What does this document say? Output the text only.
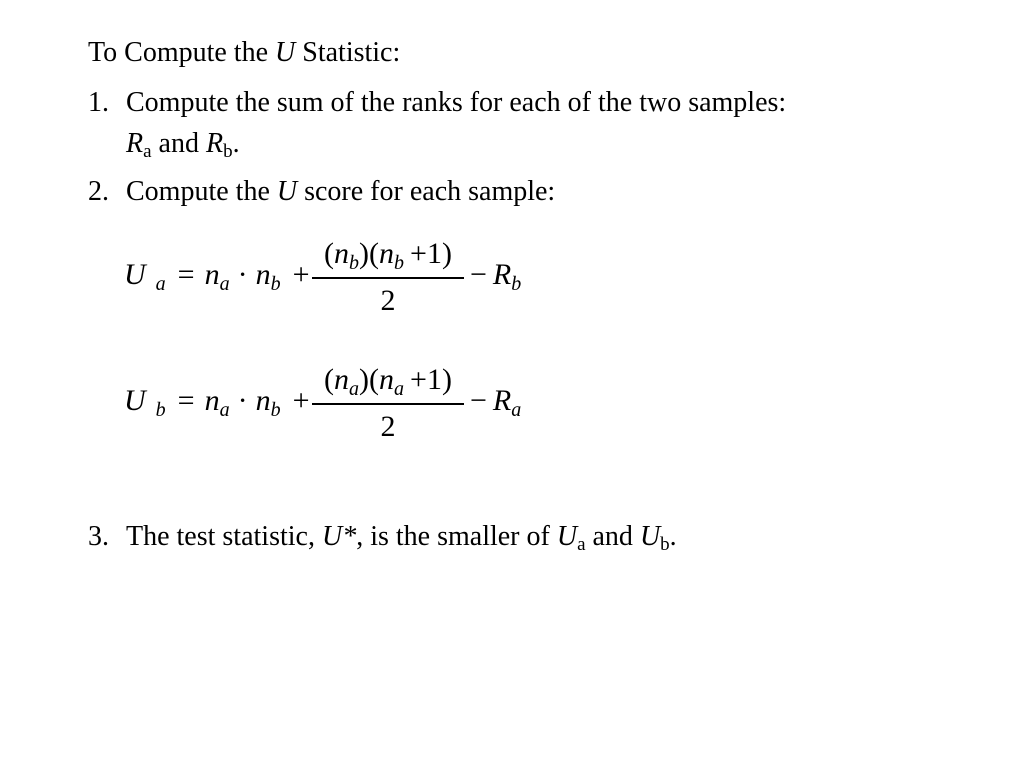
To Compute the U Statistic:
1. Compute the sum of the ranks for each of the two samples:
$R_a$ and $R_b$.
2. Compute the U score for each sample:
U $_a = n_a \cdot n_b$ +
$(n_b)(n_b +1)$
2
− $R_b$
U $_b = n_a \cdot n_b$ +
$(n_a)(n_a +1)$
2
− $R_a$
3. The test statistic, U*, is the smaller of $U_a$ and $U_b$.
